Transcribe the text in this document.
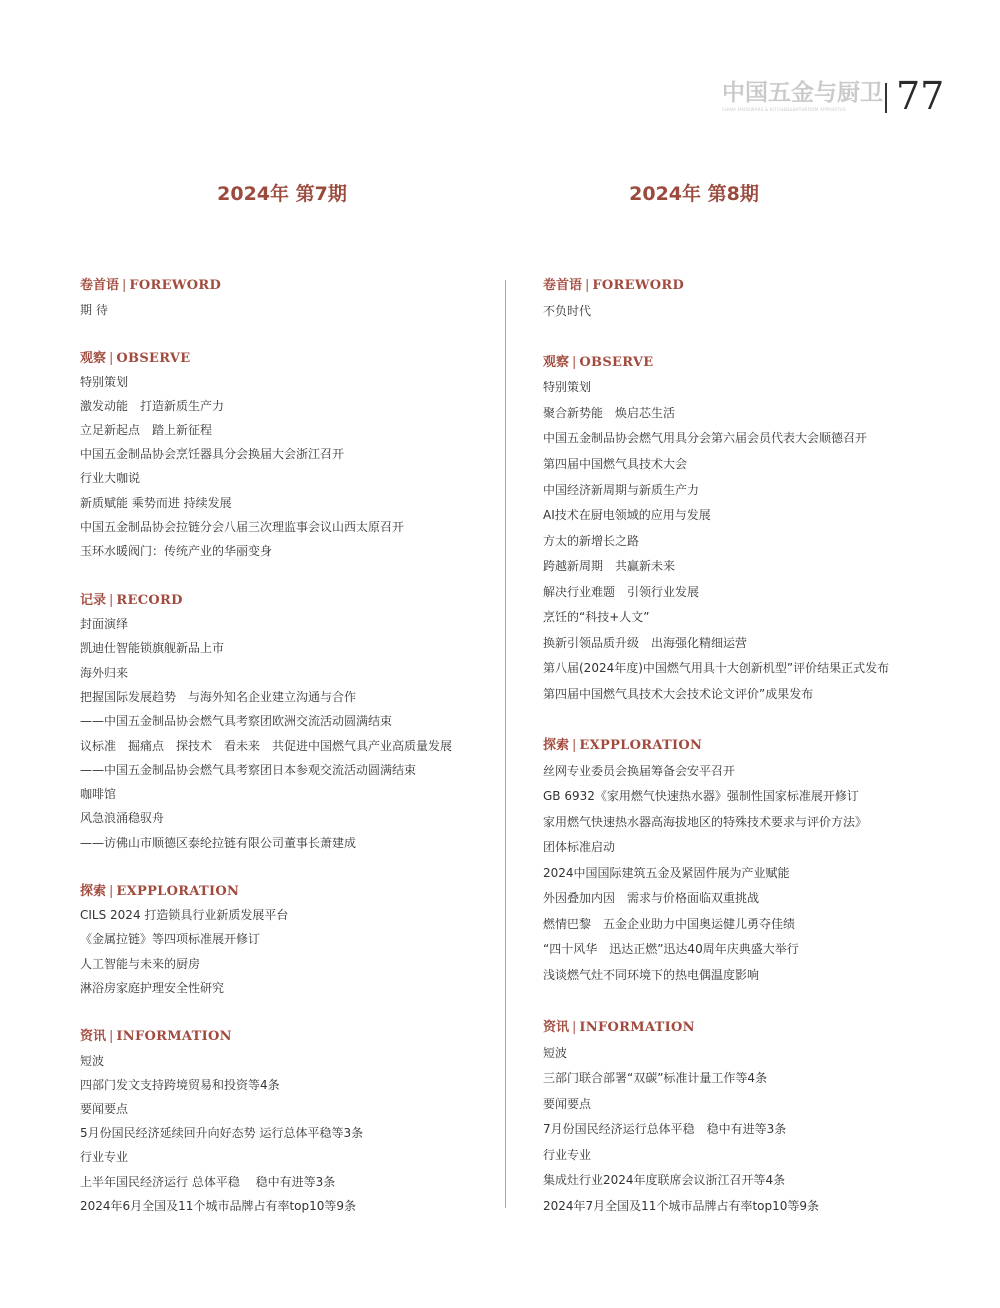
中国五金与厨卫
CHINA HARDWARE & KITCHEN&BATHROOM APPARATUS	77
2024年 第7期	2024年 第8期
卷首语 | FOREWORD
期 待
观察 | OBSERVE
特别策划
激发动能　打造新质生产力
立足新起点　踏上新征程
中国五金制品协会烹饪器具分会换届大会浙江召开
行业大咖说
新质赋能 乘势而进 持续发展
中国五金制品协会拉链分会八届三次理监事会议山西太原召开
玉环水暖阀门：传统产业的华丽变身
记录 | RECORD
封面演绎
凯迪仕智能锁旗舰新品上市
海外归来
把握国际发展趋势　与海外知名企业建立沟通与合作
——中国五金制品协会燃气具考察团欧洲交流活动圆满结束
议标准　掘痛点　探技术　看未来　共促进中国燃气具产业高质量发展
——中国五金制品协会燃气具考察团日本参观交流活动圆满结束
咖啡馆
风急浪涌稳驭舟
——访佛山市顺德区泰纶拉链有限公司董事长萧建成
探索 | EXPPLORATION
CILS 2024 打造锁具行业新质发展平台
《金属拉链》等四项标准展开修订
人工智能与未来的厨房
淋浴房家庭护理安全性研究
资讯 | INFORMATION
短波
四部门发文支持跨境贸易和投资等4条
要闻要点
5月份国民经济延续回升向好态势 运行总体平稳等3条
行业专业
上半年国民经济运行 总体平稳　 稳中有进等3条
2024年6月全国及11个城市品牌占有率top10等9条
卷首语 | FOREWORD
不负时代
观察 | OBSERVE
特别策划
聚合新势能　焕启芯生活
中国五金制品协会燃气用具分会第六届会员代表大会顺德召开
第四届中国燃气具技术大会
中国经济新周期与新质生产力
AI技术在厨电领域的应用与发展
方太的新增长之路
跨越新周期　共赢新未来
解决行业难题　引领行业发展
烹饪的“科技+人文”
换新引领品质升级　出海强化精细运营
第八届(2024年度)中国燃气用具十大创新机型”评价结果正式发布
第四届中国燃气具技术大会技术论文评价”成果发布
探索 | EXPPLORATION
丝网专业委员会换届筹备会安平召开
GB 6932《家用燃气快速热水器》强制性国家标准展开修订
家用燃气快速热水器高海拔地区的特殊技术要求与评价方法》
团体标准启动
2024中国国际建筑五金及紧固件展为产业赋能
外因叠加内因　需求与价格面临双重挑战
燃情巴黎　五金企业助力中国奥运健儿勇夺佳绩
“四十风华　迅达正燃”迅达40周年庆典盛大举行
浅谈燃气灶不同环境下的热电偶温度影响
资讯 | INFORMATION
短波
三部门联合部署“双碳”标准计量工作等4条
要闻要点
7月份国民经济运行总体平稳　稳中有进等3条
行业专业
集成灶行业2024年度联席会议浙江召开等4条
2024年7月全国及11个城市品牌占有率top10等9条
